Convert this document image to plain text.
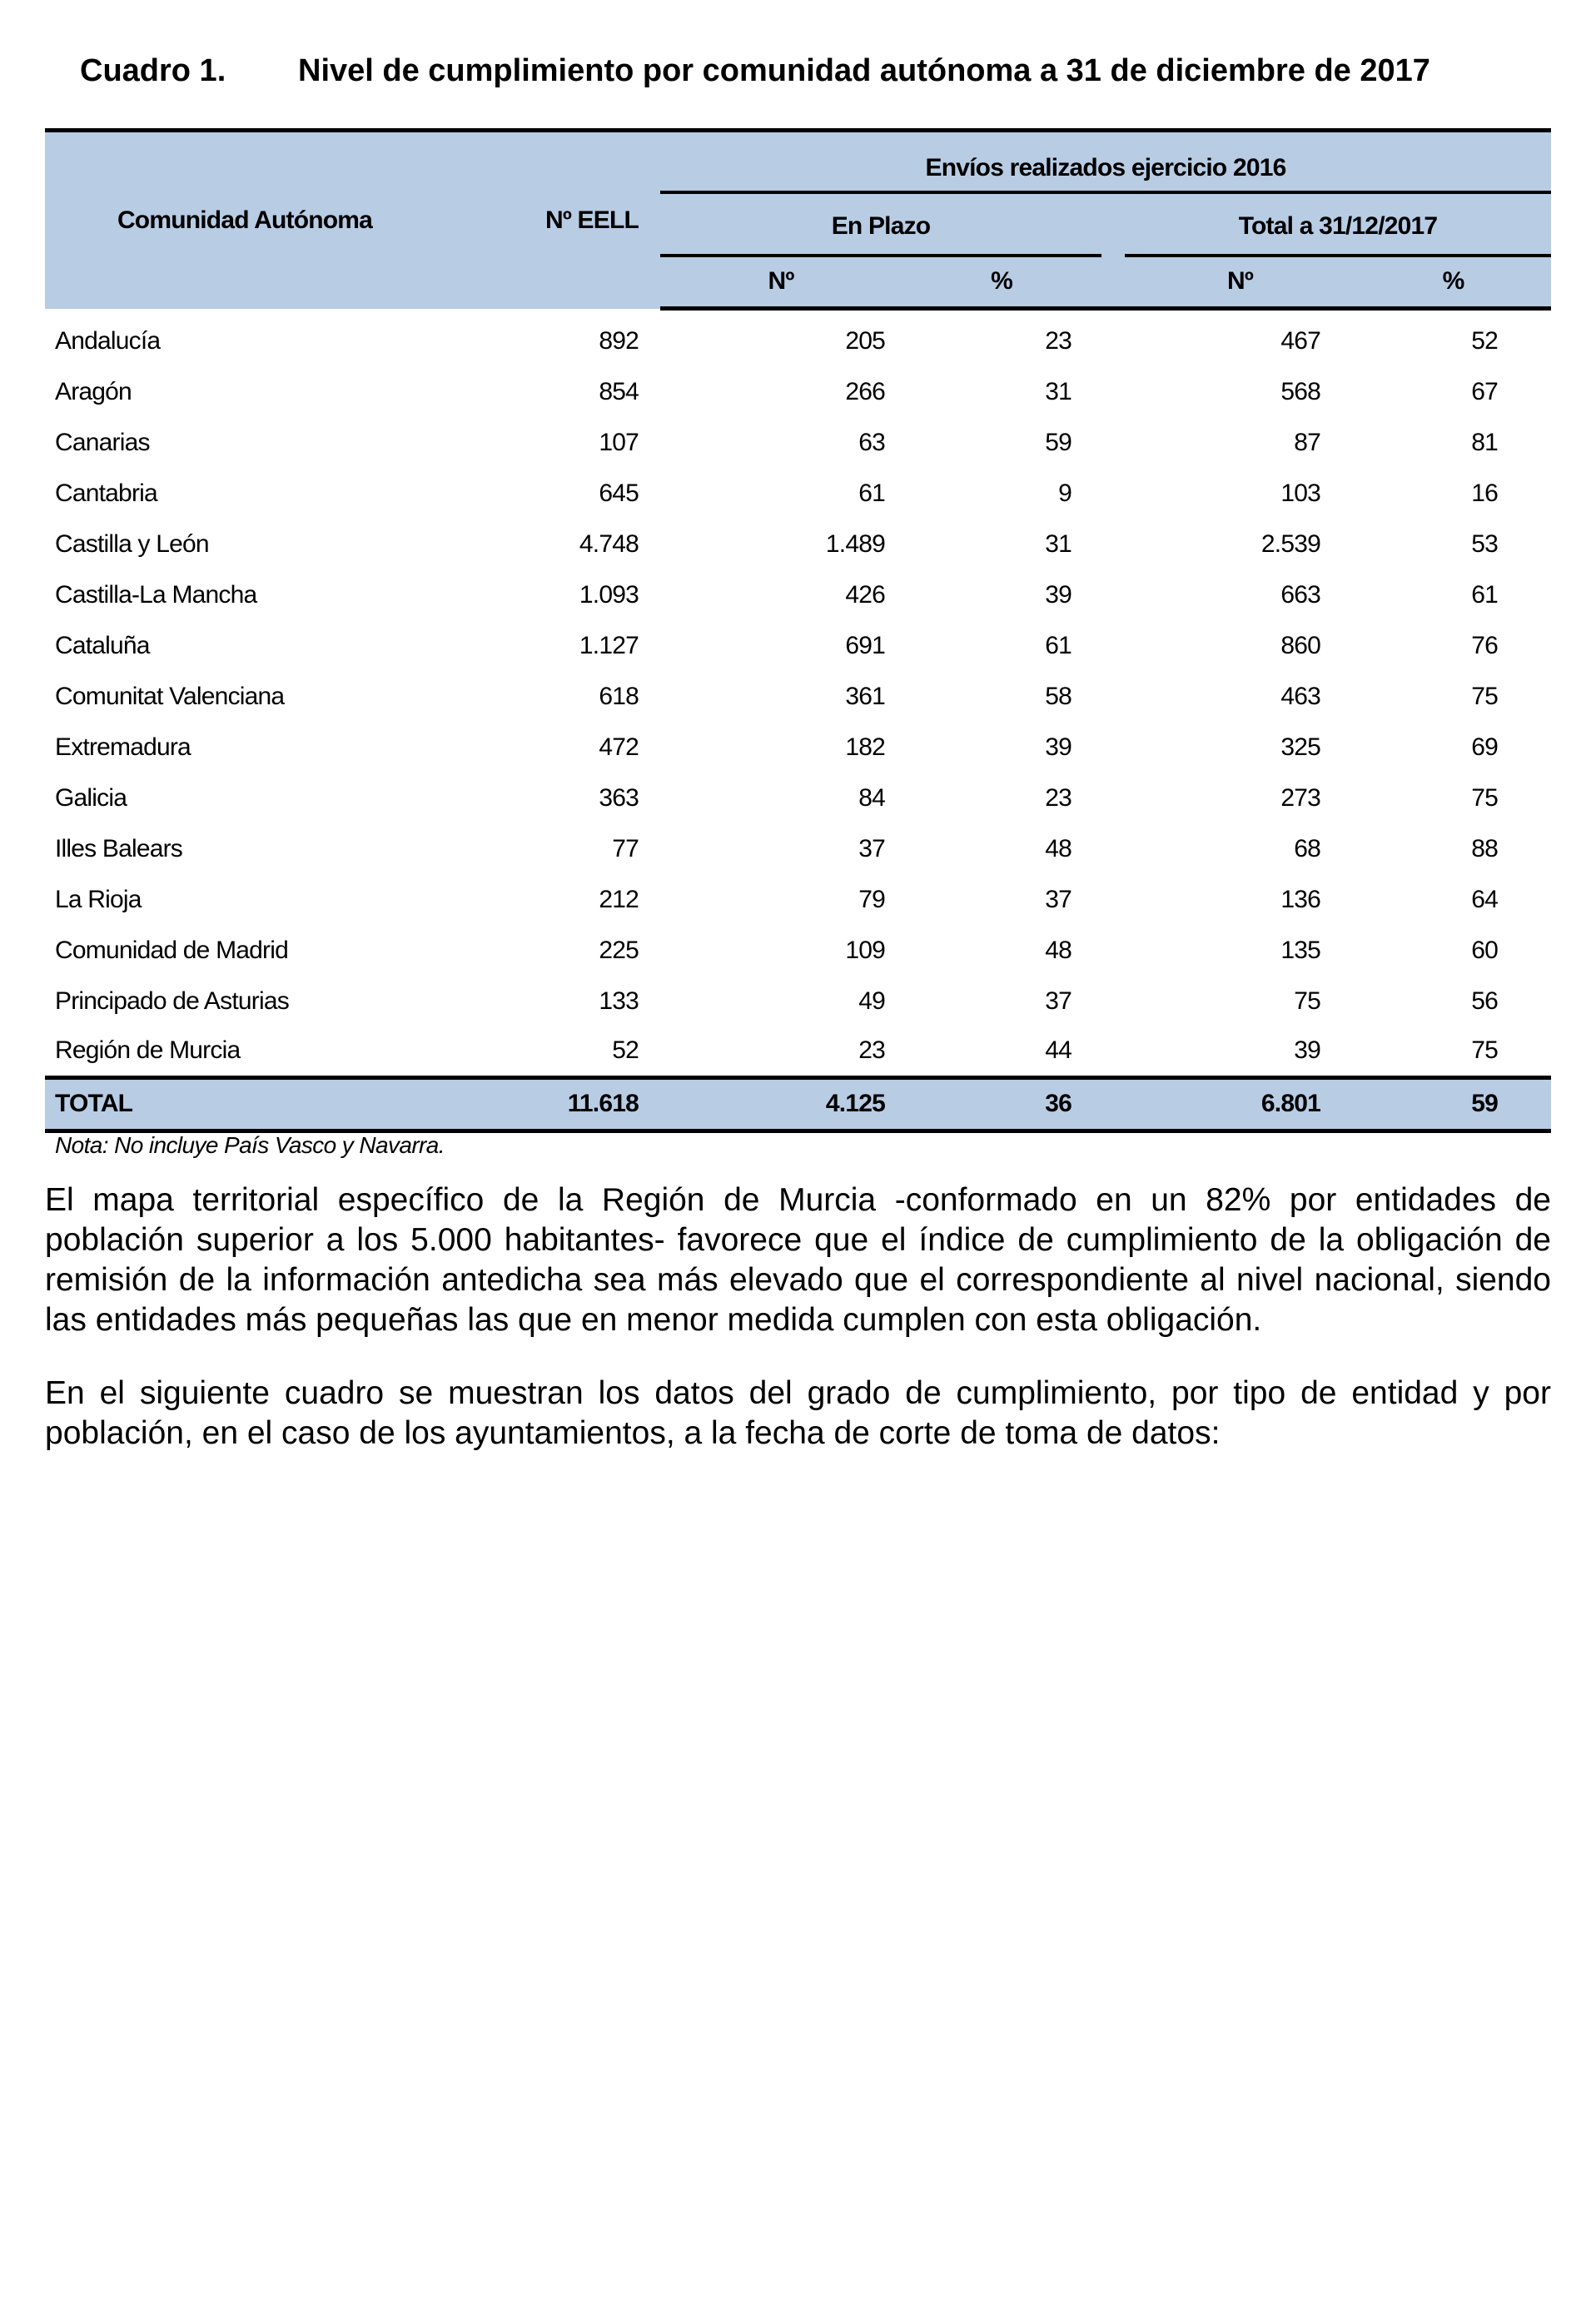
Cuadro 1. Nivel de cumplimiento por comunidad autónoma a 31 de diciembre de 2017
Comunidad Autónoma	Nº EELL	Envíos realizados ejercicio 2016				
		En Plazo			Total a 31/12/2017	
		Nº	%		Nº	%

Andalucía	892	205	23		467	52
Aragón	854	266	31		568	67
Canarias	107	63	59		87	81
Cantabria	645	61	9		103	16
Castilla y León	4.748	1.489	31		2.539	53
Castilla-La Mancha	1.093	426	39		663	61
Cataluña	1.127	691	61		860	76
Comunitat Valenciana	618	361	58		463	75
Extremadura	472	182	39		325	69
Galicia	363	84	23		273	75
Illes Balears	77	37	48		68	88
La Rioja	212	79	37		136	64
Comunidad de Madrid	225	109	48		135	60
Principado de Asturias	133	49	37		75	56
Región de Murcia	52	23	44		39	75
TOTAL	11.618	4.125	36		6.801	59
Nota: No incluye País Vasco y Navarra.
El mapa territorial específico de la Región de Murcia -conformado en un 82% por entidades de población superior a los 5.000 habitantes- favorece que el índice de cumplimiento de la obligación de remisión de la información antedicha sea más elevado que el correspondiente al nivel nacional, siendo las entidades más pequeñas las que en menor medida cumplen con esta obligación.
En el siguiente cuadro se muestran los datos del grado de cumplimiento, por tipo de entidad y por población, en el caso de los ayuntamientos, a la fecha de corte de toma de datos:
